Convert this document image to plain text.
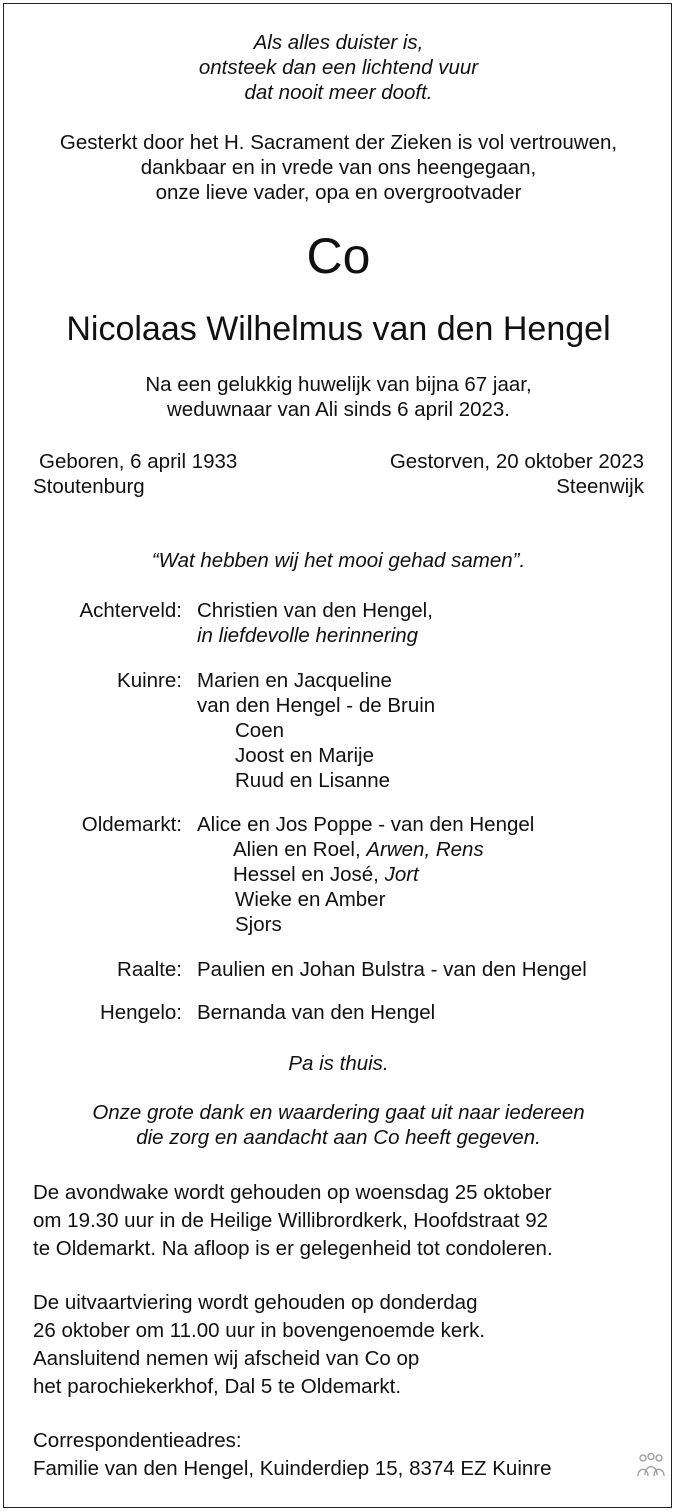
Als alles duister is,
ontsteek dan een lichtend vuur
dat nooit meer dooft.
Gesterkt door het H. Sacrament der Zieken is vol vertrouwen,
dankbaar en in vrede van ons heengegaan,
onze lieve vader, opa en overgrootvader
Co
Nicolaas Wilhelmus van den Hengel
Na een gelukkig huwelijk van bijna 67 jaar,
weduwnaar van Ali sinds 6 april 2023.
Geboren, 6 april 1933
Stoutenburg
Gestorven, 20 oktober 2023
Steenwijk
“Wat hebben wij het mooi gehad samen”.
Achterveld: Christien van den Hengel,
in liefdevolle herinnering
Kuinre: Marien en Jacqueline
van den Hengel - de Bruin
Coen
Joost en Marije
Ruud en Lisanne
Oldemarkt: Alice en Jos Poppe - van den Hengel
Alien en Roel, Arwen, Rens
Hessel en José, Jort
Wieke en Amber
Sjors
Raalte: Paulien en Johan Bulstra - van den Hengel
Hengelo: Bernanda van den Hengel
Pa is thuis.
Onze grote dank en waardering gaat uit naar iedereen
die zorg en aandacht aan Co heeft gegeven.
De avondwake wordt gehouden op woensdag 25 oktober
om 19.30 uur in de Heilige Willibrordkerk, Hoofdstraat 92
te Oldemarkt. Na afloop is er gelegenheid tot condoleren.
De uitvaartviering wordt gehouden op donderdag
26 oktober om 11.00 uur in bovengenoemde kerk.
Aansluitend nemen wij afscheid van Co op
het parochiekerkhof, Dal 5 te Oldemarkt.
Correspondentieadres:
Familie van den Hengel, Kuinderdiep 15, 8374 EZ Kuinre
